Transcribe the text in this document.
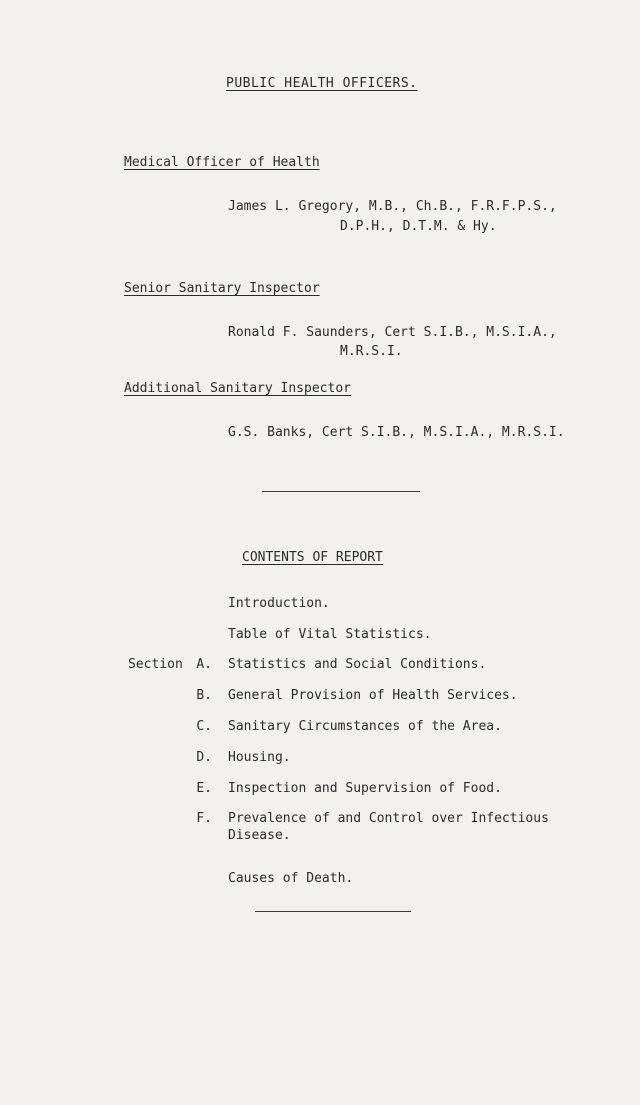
PUBLIC HEALTH OFFICERS.
Medical Officer of Health
James L. Gregory, M.B., Ch.B., F.R.F.P.S.,
D.P.H., D.T.M. & Hy.
Senior Sanitary Inspector
Ronald F. Saunders, Cert S.I.B., M.S.I.A.,
M.R.S.I.
Additional Sanitary Inspector
G.S. Banks, Cert S.I.B., M.S.I.A., M.R.S.I.
CONTENTS OF REPORT
Introduction.
Table of Vital Statistics.
Section	A. Statistics and Social Conditions.
B. General Provision of Health Services.
C. Sanitary Circumstances of the Area.
D. Housing.
E. Inspection and Supervision of Food.
F. Prevalence of and Control over Infectious
Disease.
Causes of Death.
